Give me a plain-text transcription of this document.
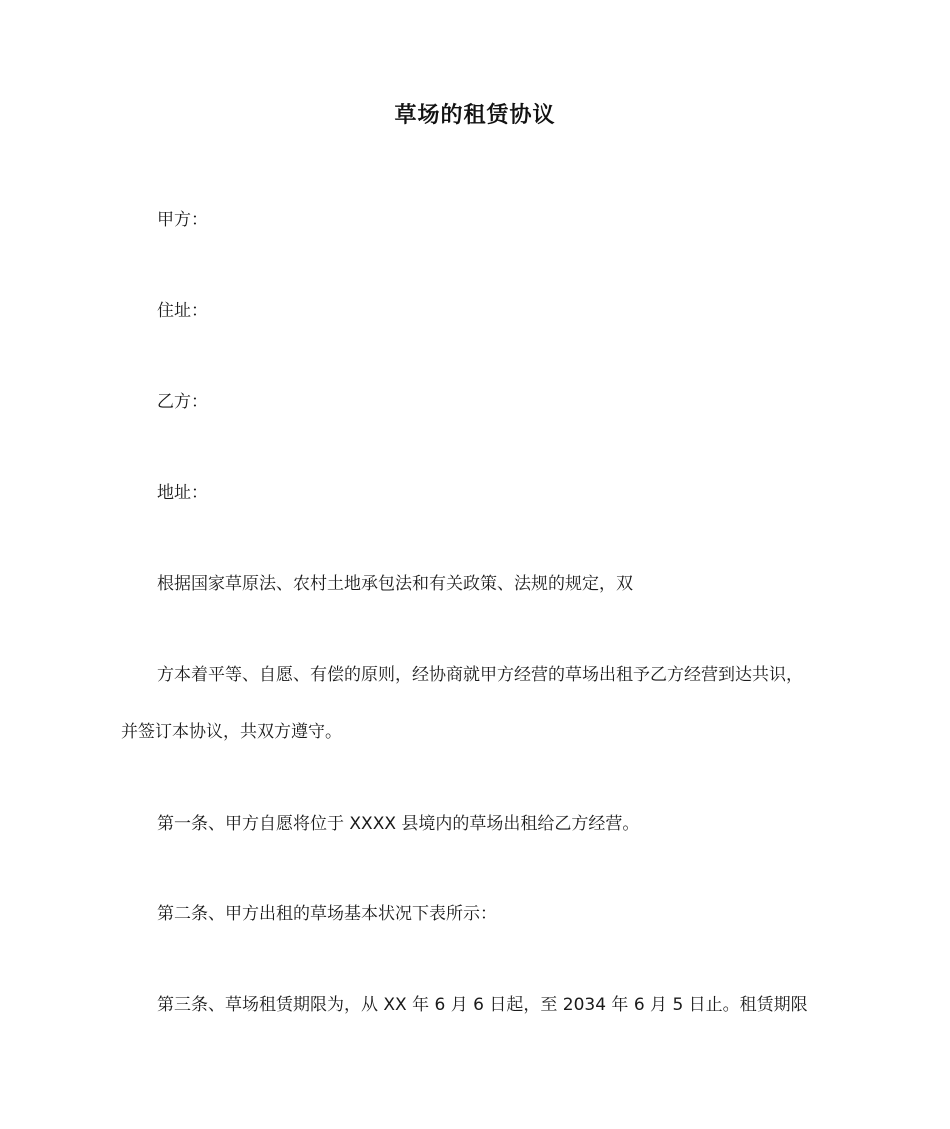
草场的租赁协议
甲方：
住址：
乙方：
地址：
根据国家草原法、农村土地承包法和有关政策、法规的规定，双
方本着平等、自愿、有偿的原则，经协商就甲方经营的草场出租予乙方经营到达共识，
并签订本协议，共双方遵守。
第一条、甲方自愿将位于 XXXX 县境内的草场出租给乙方经营。
第二条、甲方出租的草场基本状况下表所示：
第三条、草场租赁期限为，从 XX 年 6 月 6 日起，至 2034 年 6 月 5 日止。租赁期限
